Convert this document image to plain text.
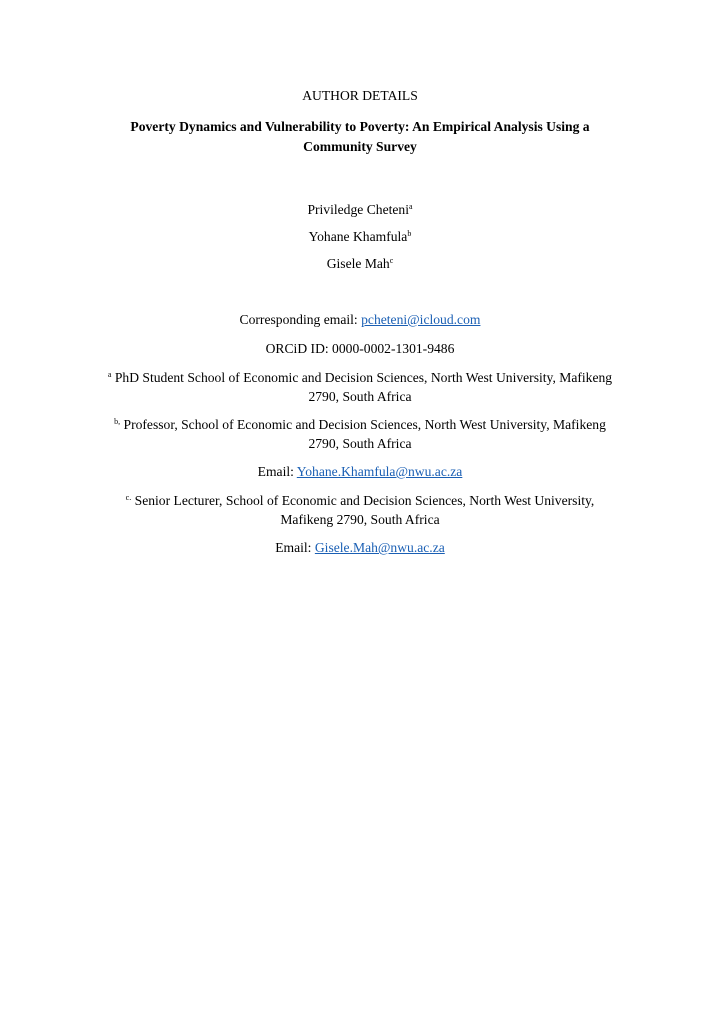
AUTHOR DETAILS

Poverty Dynamics and Vulnerability to Poverty: An Empirical Analysis Using a
Community Survey

Priviledge Cheteni$^a$

Yohane Khamfula$^b$

Gisele Mah$^c$

Corresponding email: pcheteni@icloud.com

ORCiD ID: 0000-0002-1301-9486

$^a$ PhD Student School of Economic and Decision Sciences, North West University, Mafikeng
2790, South Africa
$^{b,}$ Professor, School of Economic and Decision Sciences, North West University, Mafikeng
2790, South Africa

Email: Yohane.Khamfula@nwu.ac.za

$^{c.}$ Senior Lecturer, School of Economic and Decision Sciences, North West University,
Mafikeng 2790, South Africa

Email: Gisele.Mah@nwu.ac.za
